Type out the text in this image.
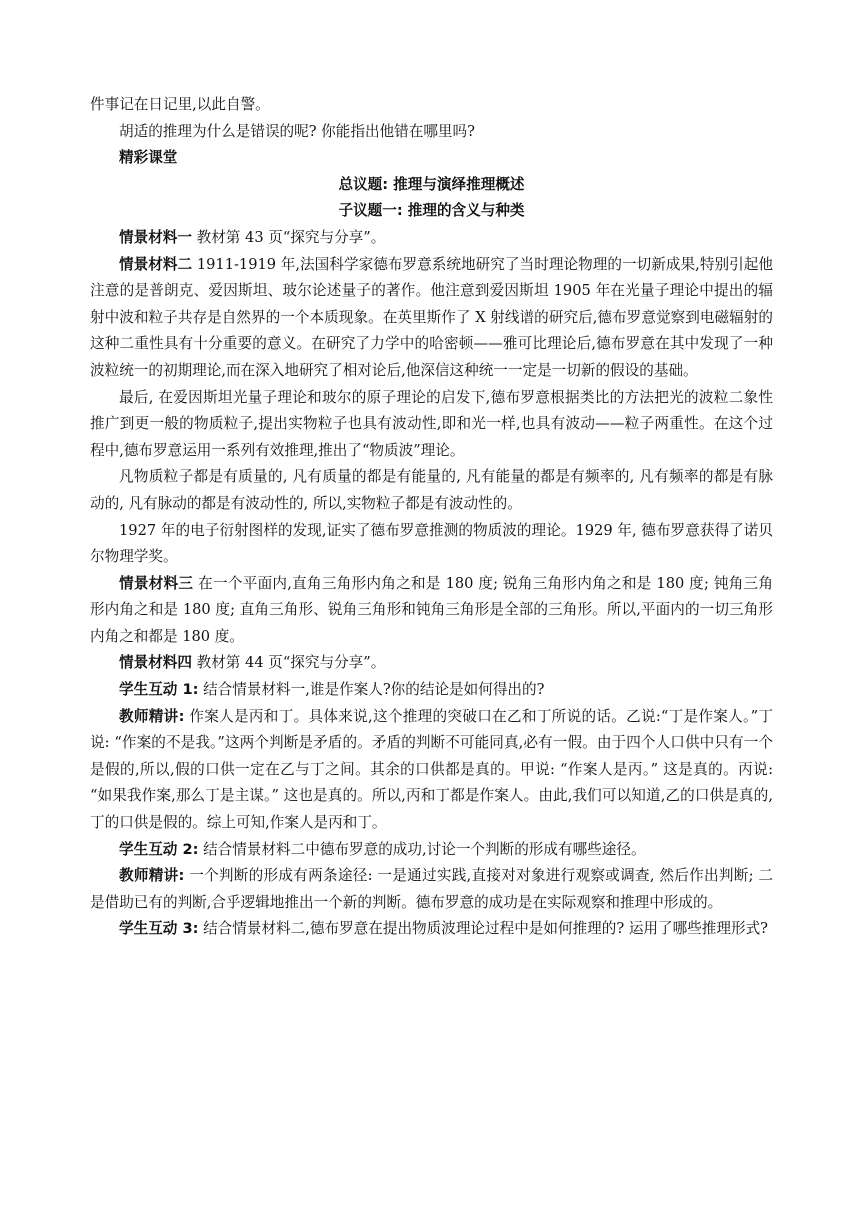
件事记在日记里,以此自警。

胡适的推理为什么是错误的呢? 你能指出他错在哪里吗?

精彩课堂

总议题: 推理与演绎推理概述

子议题一: 推理的含义与种类

情景材料一 教材第 43 页“探究与分享”。

情景材料二 1911-1919 年,法国科学家德布罗意系统地研究了当时理论物理的一切新成果,特别引起他注意的是普朗克、爱因斯坦、玻尔论述量子的著作。他注意到爱因斯坦 1905 年在光量子理论中提出的辐射中波和粒子共存是自然界的一个本质现象。在英里斯作了 X 射线谱的研究后,德布罗意觉察到电磁辐射的这种二重性具有十分重要的意义。在研究了力学中的哈密顿——雅可比理论后,德布罗意在其中发现了一种波粒统一的初期理论,而在深入地研究了相对论后,他深信这种统一一定是一切新的假设的基础。

最后, 在爱因斯坦光量子理论和玻尔的原子理论的启发下,德布罗意根据类比的方法把光的波粒二象性推广到更一般的物质粒子,提出实物粒子也具有波动性,即和光一样,也具有波动——粒子两重性。在这个过程中,德布罗意运用一系列有效推理,推出了“物质波”理论。

凡物质粒子都是有质量的, 凡有质量的都是有能量的, 凡有能量的都是有频率的, 凡有频率的都是有脉动的, 凡有脉动的都是有波动性的, 所以,实物粒子都是有波动性的。

1927 年的电子衍射图样的发现,证实了德布罗意推测的物质波的理论。1929 年, 德布罗意获得了诺贝尔物理学奖。

情景材料三 在一个平面内,直角三角形内角之和是 180 度; 锐角三角形内角之和是 180 度; 钝角三角形内角之和是 180 度; 直角三角形、锐角三角形和钝角三角形是全部的三角形。所以,平面内的一切三角形内角之和都是 180 度。

情景材料四 教材第 44 页“探究与分享”。

学生互动 1: 结合情景材料一,谁是作案人?你的结论是如何得出的?

教师精讲: 作案人是丙和丁。具体来说,这个推理的突破口在乙和丁所说的话。乙说:“丁是作案人。”丁说: “作案的不是我。”这两个判断是矛盾的。矛盾的判断不可能同真,必有一假。由于四个人口供中只有一个是假的,所以,假的口供一定在乙与丁之间。其余的口供都是真的。甲说: “作案人是丙。” 这是真的。丙说: “如果我作案,那么丁是主谋。” 这也是真的。所以,丙和丁都是作案人。由此,我们可以知道,乙的口供是真的,丁的口供是假的。综上可知,作案人是丙和丁。

学生互动 2: 结合情景材料二中德布罗意的成功,讨论一个判断的形成有哪些途径。

教师精讲: 一个判断的形成有两条途径: 一是通过实践,直接对对象进行观察或调查, 然后作出判断; 二是借助已有的判断,合乎逻辑地推出一个新的判断。德布罗意的成功是在实际观察和推理中形成的。

学生互动 3: 结合情景材料二,德布罗意在提出物质波理论过程中是如何推理的? 运用了哪些推理形式?
